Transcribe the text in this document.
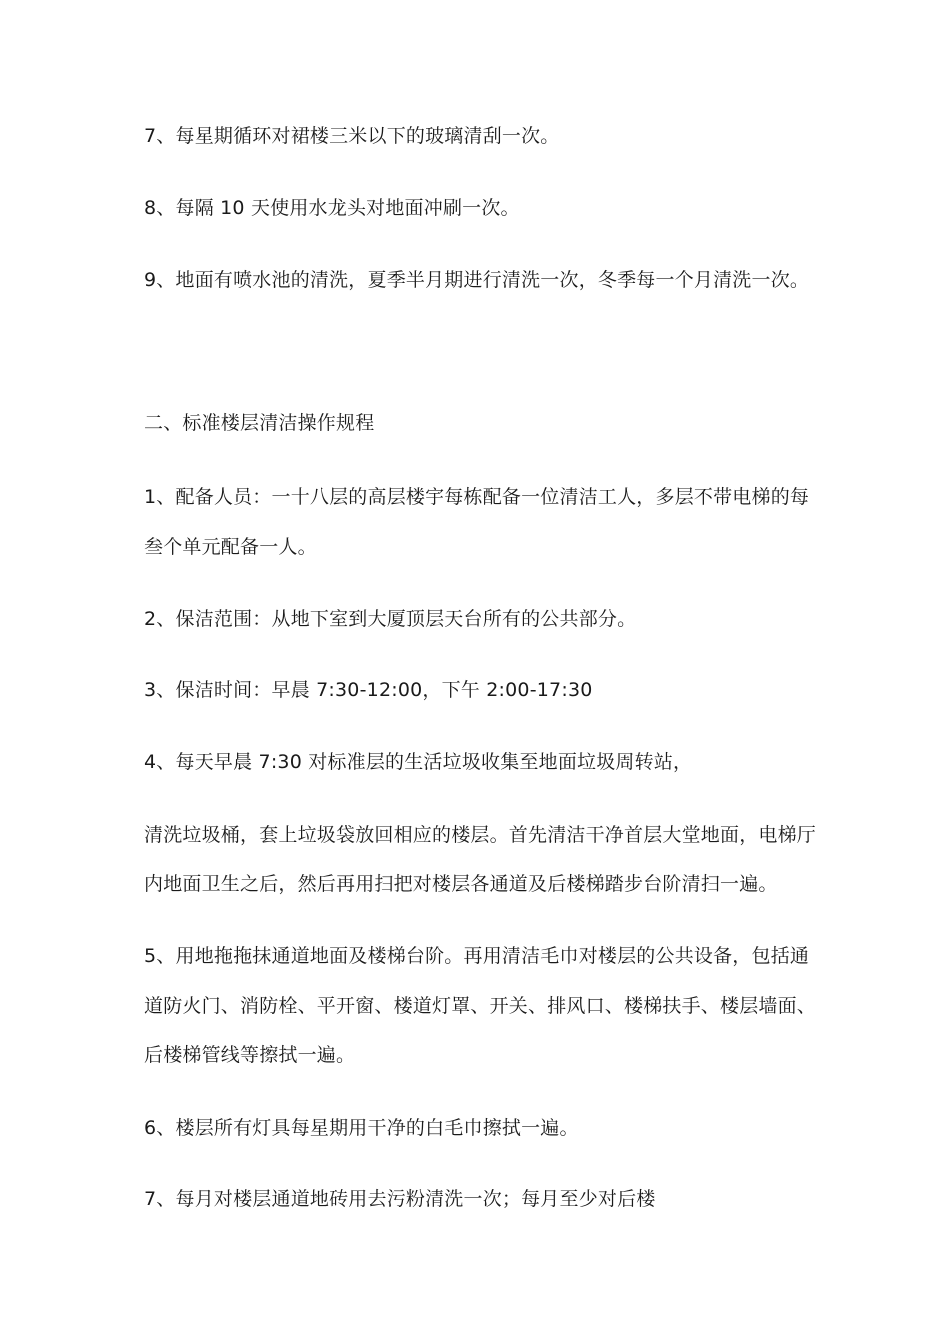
7、每星期循环对裙楼三米以下的玻璃清刮一次。
8、每隔 10 天使用水龙头对地面冲刷一次。
9、地面有喷水池的清洗，夏季半月期进行清洗一次，冬季每一个月清洗一次。
二、标准楼层清洁操作规程
1、配备人员：一十八层的高层楼宇每栋配备一位清洁工人，多层不带电梯的每
叁个单元配备一人。
2、保洁范围：从地下室到大厦顶层天台所有的公共部分。
3、保洁时间：早晨 7:30-12:00，下午 2:00-17:30
4、每天早晨 7:30 对标准层的生活垃圾收集至地面垃圾周转站，
清洗垃圾桶，套上垃圾袋放回相应的楼层。首先清洁干净首层大堂地面，电梯厅
内地面卫生之后，然后再用扫把对楼层各通道及后楼梯踏步台阶清扫一遍。
5、用地拖拖抹通道地面及楼梯台阶。再用清洁毛巾对楼层的公共设备，包括通
道防火门、消防栓、平开窗、楼道灯罩、开关、排风口、楼梯扶手、楼层墙面、
后楼梯管线等擦拭一遍。
6、楼层所有灯具每星期用干净的白毛巾擦拭一遍。
7、每月对楼层通道地砖用去污粉清洗一次；每月至少对后楼
